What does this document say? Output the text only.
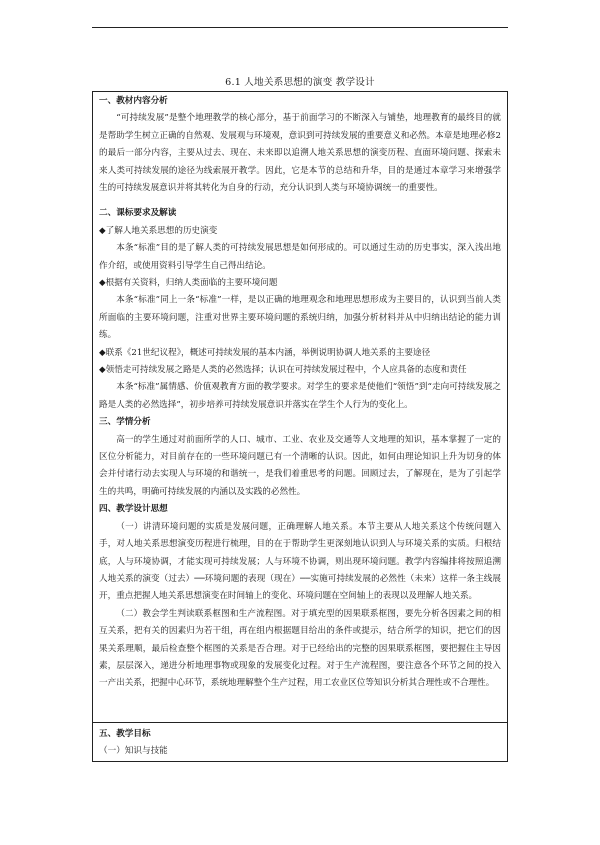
6.1 人地关系思想的演变 教学设计

一、教材内容分析

“可持续发展”是整个地理教学的核心部分，基于前面学习的不断深入与铺垫，地理教育的最终目的就是帮助学生树立正确的自然观、发展观与环境观，意识到可持续发展的重要意义和必然。本章是地理必修2的最后一部分内容，主要从过去、现在、未来即以追溯人地关系思想的演变历程、直面环境问题、探索未来人类可持续发展的途径为线索展开教学。因此，它是本节的总结和升华，目的是通过本章学习来增强学生的可持续发展意识并将其转化为自身的行动，充分认识到人类与环境协调统一的重要性。

二、课标要求及解读

◆了解人地关系思想的历史演变

本条“标准”目的是了解人类的可持续发展思想是如何形成的。可以通过生动的历史事实，深入浅出地作介绍，或使用资料引导学生自己得出结论。

◆根据有关资料，归纳人类面临的主要环境问题

本条“标准”同上一条“标准”一样，是以正确的地理观念和地理思想形成为主要目的，认识到当前人类所面临的主要环境问题，注重对世界主要环境问题的系统归纳，加强分析材料并从中归纳出结论的能力训练。

◆联系《21世纪议程》，概述可持续发展的基本内涵，举例说明协调人地关系的主要途径

◆领悟走可持续发展之路是人类的必然选择；认识在可持续发展过程中，个人应具备的态度和责任

本条“标准”属情感、价值观教育方面的教学要求。对学生的要求是使他们“领悟”到“走向可持续发展之路是人类的必然选择”，初步培养可持续发展意识并落实在学生个人行为的变化上。

三、学情分析

高一的学生通过对前面所学的人口、城市、工业、农业及交通等人文地理的知识，基本掌握了一定的区位分析能力，对目前存在的一些环境问题已有一个清晰的认识。因此，如何由理论知识上升为切身的体会并付诸行动去实现人与环境的和谐统一，是我们着重思考的问题。回顾过去，了解现在，是为了引起学生的共鸣，明确可持续发展的内涵以及实践的必然性。

四、教学设计思想

（一）讲清环境问题的实质是发展问题，正确理解人地关系。本节主要从人地关系这个传统问题入手，对人地关系思想演变历程进行梳理，目的在于帮助学生更深刻地认识到人与环境关系的实质。归根结底，人与环境协调，才能实现可持续发展；人与环境不协调，则出现环境问题。教学内容编排将按照追溯人地关系的演变（过去）──环境问题的表现（现在）──实施可持续发展的必然性（未来）这样一条主线展开，重点把握人地关系思想演变在时间轴上的变化、环境问题在空间轴上的表现以及理解人地关系。

（二）教会学生判读联系框图和生产流程图。对于填充型的因果联系框图，要先分析各因素之间的相互关系，把有关的因素归为若干组，再在组内根据题目给出的条件或提示，结合所学的知识，把它们的因果关系理顺，最后检查整个框图的关系是否合理。对于已经给出的完整的因果联系框图，要把握住主导因素，层层深入，递进分析地理事物或现象的发展变化过程。对于生产流程图，要注意各个环节之间的投入一产出关系，把握中心环节，系统地理解整个生产过程，用工农业区位等知识分析其合理性或不合理性。

五、教学目标

（一）知识与技能
